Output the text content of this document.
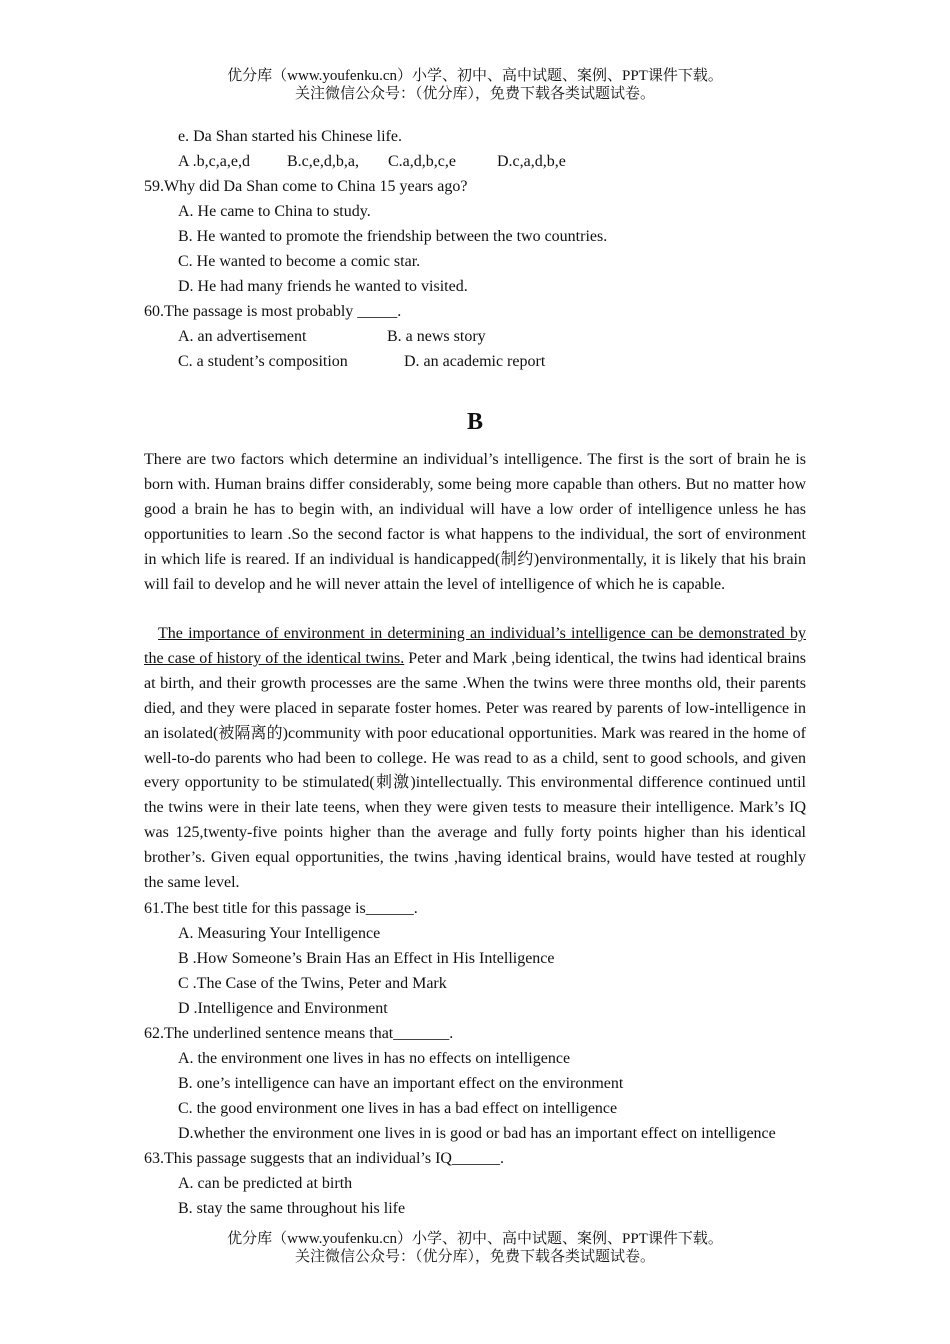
优分库（www.youfenku.cn）小学、初中、高中试题、案例、PPT课件下载。
关注微信公众号：（优分库），免费下载各类试题试卷。
e. Da Shan started his Chinese life.
A .b,c,a,e,d B.c,e,d,b,a, C.a,d,b,c,e	D.c,a,d,b,e
59.Why did Da Shan come to China 15 years ago?
A. He came to China to study.
B. He wanted to promote the friendship between the two countries.
C. He wanted to become a comic star.
D. He had many friends he wanted to visited.
60.The passage is most probably _____.
A. an advertisement	B. a news story
C. a student’s composition	D. an academic report
B

There are two factors which determine an individual’s intelligence. The first is the sort of brain he is born with. Human brains differ considerably, some being more capable than others. But no matter how good a brain he has to begin with, an individual will have a low order of intelligence unless he has opportunities to learn .So the second factor is what happens to the individual, the sort of environment in which life is reared. If an individual is handicapped(制约)environmentally, it is likely that his brain will fail to develop and he will never attain the level of intelligence of which he is capable.

The importance of environment in determining an individual’s intelligence can be demonstrated by the case of history of the identical twins. Peter and Mark ,being identical, the twins had identical brains at birth, and their growth processes are the same .When the twins were three months old, their parents died, and they were placed in separate foster homes. Peter was reared by parents of low-intelligence in an isolated(被隔离的)community with poor educational opportunities. Mark was reared in the home of well-to-do parents who had been to college. He was read to as a child, sent to good schools, and given every opportunity to be stimulated(刺激)intellectually. This environmental difference continued until the twins were in their late teens, when they were given tests to measure their intelligence. Mark’s IQ was 125,twenty-five points higher than the average and fully forty points higher than his identical brother’s. Given equal opportunities, the twins ,having identical brains, would have tested at roughly the same level.

61.The best title for this passage is______.
A. Measuring Your Intelligence
B .How Someone’s Brain Has an Effect in His Intelligence
C .The Case of the Twins, Peter and Mark
D .Intelligence and Environment
62.The underlined sentence means that_______.
A. the environment one lives in has no effects on intelligence
B. one’s intelligence can have an important effect on the environment
C. the good environment one lives in has a bad effect on intelligence
D.whether the environment one lives in is good or bad has an important effect on intelligence
63.This passage suggests that an individual’s IQ______.
A. can be predicted at birth
B. stay the same throughout his life
优分库（www.youfenku.cn）小学、初中、高中试题、案例、PPT课件下载。
关注微信公众号：（优分库），免费下载各类试题试卷。
